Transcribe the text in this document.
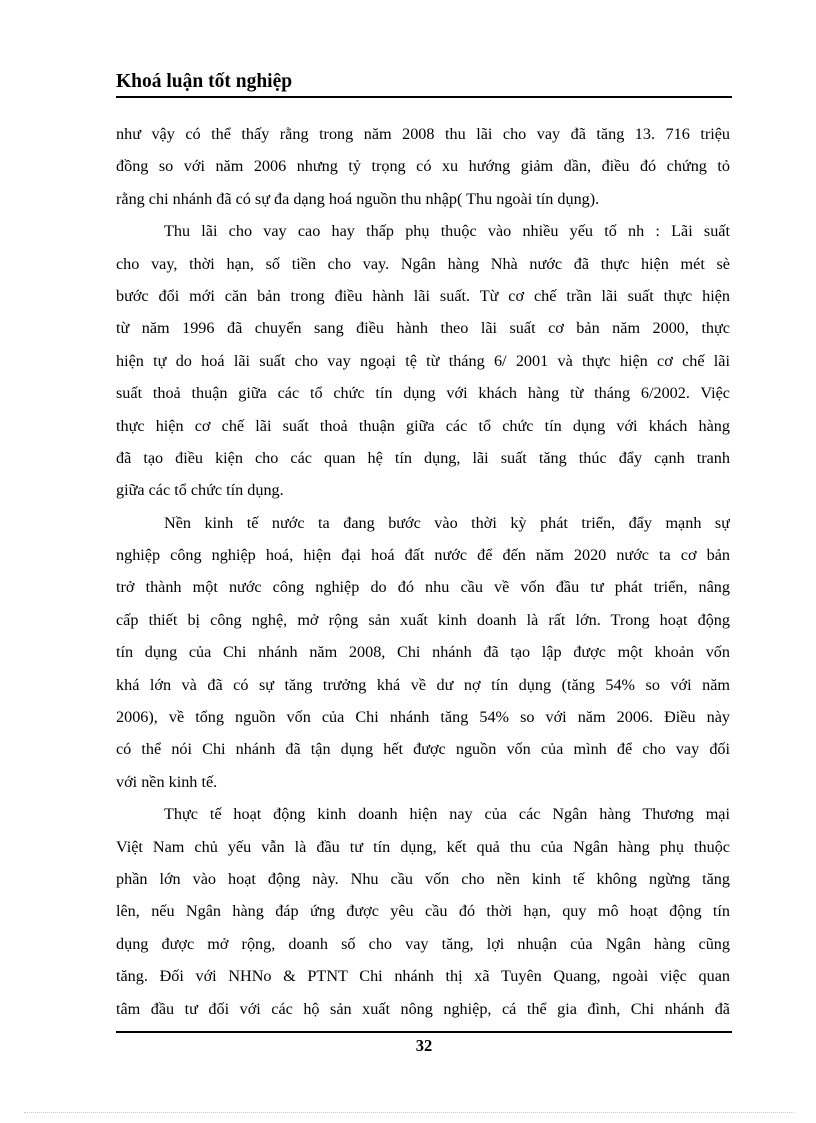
Khoá luận tốt nghiệp

như vậy có thể thấy rằng trong năm 2008 thu lãi cho vay đã tăng 13. 716 triệu
đồng so với năm 2006 nhưng tỷ trọng có xu hướng giảm dần, điều đó chứng tỏ
rằng chi nhánh đã có sự đa dạng hoá nguồn thu nhập( Thu ngoài tín dụng).

Thu lãi cho vay cao hay thấp phụ thuộc vào nhiều yếu tố nh : Lãi suất
cho vay, thời hạn, số tiền cho vay. Ngân hàng Nhà nước đã thực hiện mét sè
bước đổi mới căn bản trong điều hành lãi suất. Từ cơ chế trần lãi suất thực hiện
từ năm 1996 đã chuyển sang điều hành theo lãi suất cơ bản năm 2000, thực
hiện tự do hoá lãi suất cho vay ngoại tệ từ tháng 6/ 2001 và thực hiện cơ chế lãi
suất thoả thuận giữa các tổ chức tín dụng với khách hàng từ tháng 6/2002. Việc
thực hiện cơ chế lãi suất thoả thuận giữa các tổ chức tín dụng với khách hàng
đã tạo điều kiện cho các quan hệ tín dụng, lãi suất tăng thúc đẩy cạnh tranh
giữa các tổ chức tín dụng.

Nền kinh tế nước ta đang bước vào thời kỳ phát triển, đẩy mạnh sự
nghiệp công nghiệp hoá, hiện đại hoá đất nước để đến năm 2020 nước ta cơ bản
trở thành một nước công nghiệp do đó nhu cầu về vốn đầu tư phát triển, nâng
cấp thiết bị công nghệ, mở rộng sản xuất kinh doanh là rất lớn. Trong hoạt động
tín dụng của Chi nhánh năm 2008, Chi nhánh đã tạo lập được một khoản vốn
khá lớn và đã có sự tăng trưởng khá về dư nợ tín dụng (tăng 54% so với năm
2006), về tổng nguồn vốn của Chi nhánh tăng 54% so với năm 2006. Điều này
có thể nói Chi nhánh đã tận dụng hết được nguồn vốn của mình để cho vay đối
với nền kinh tế.

Thực tế hoạt động kinh doanh hiện nay của các Ngân hàng Thương mại
Việt Nam chủ yếu vẫn là đầu tư tín dụng, kết quả thu của Ngân hàng phụ thuộc
phần lớn vào hoạt động này. Nhu cầu vốn cho nền kinh tế không ngừng tăng
lên, nếu Ngân hàng đáp ứng được yêu cầu đó thời hạn, quy mô hoạt động tín
dụng được mở rộng, doanh số cho vay tăng, lợi nhuận của Ngân hàng cũng
tăng. Đối với NHNo & PTNT Chi nhánh thị xã Tuyên Quang, ngoài việc quan
tâm đầu tư đối với các hộ sản xuất nông nghiệp, cá thể gia đình, Chi nhánh đã

32
